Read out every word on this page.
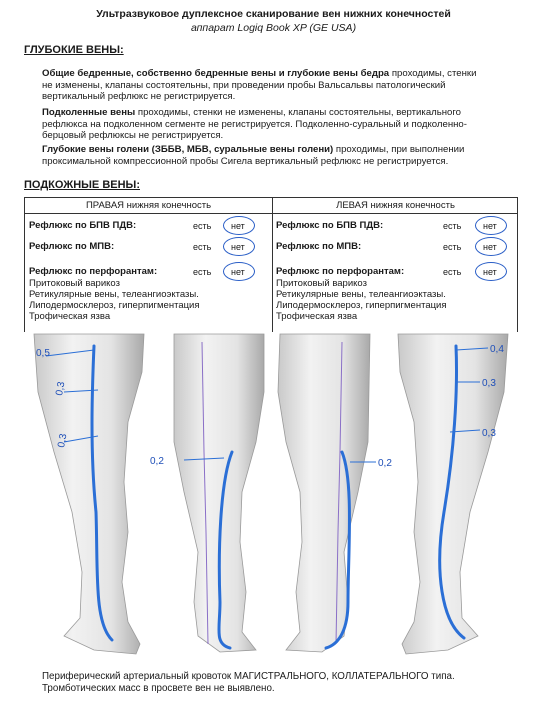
Ультразвуковое дуплексное сканирование вен нижних конечностей
аппарат Logiq Book XP (GE USA)
ГЛУБОКИЕ ВЕНЫ:
Общие бедренные, собственно бедренные вены и глубокие вены бедра проходимы, стенки
не изменены, клапаны состоятельны, при проведении пробы Вальсальвы патологический
вертикальный рефлюкс не регистрируется.
Подколенные вены проходимы, стенки не изменены, клапаны состоятельны, вертикального
рефлюкса на подколенном сегменте не регистрируется. Подколенно-суральный и подколенно-
берцовый рефлюксы не регистрируется.
Глубокие вены голени (ЗББВ, МБВ, суральные вены голени) проходимы, при выполнении
проксимальной компрессионной пробы Сигела вертикальный рефлюкс не регистрируется.
ПОДКОЖНЫЕ ВЕНЫ:
ПРАВАЯ нижняя конечность	ЛЕВАЯ нижняя конечность
Рефлюкс по БПВ ПДВ:	есть нет
Рефлюкс по МПВ:	есть нет
Рефлюкс по перфорантам:	есть нет
Притоковый варикоз
Ретикулярные вены, телеангиоэктазы.
Липодермосклероз, гиперпигментация
Трофическая язва
Рефлюкс по БПВ ПДВ:	есть нет
Рефлюкс по МПВ:	есть нет
Рефлюкс по перфорантам:	есть нет
Притоковый варикоз
Ретикулярные вены, телеангиоэктазы.
Липодермосклероз, гиперпигментация
Трофическая язва
0,5
0,3
0,3
0,2
0,4
0,3
0,3
0,2
Периферический артериальный кровоток МАГИСТРАЛЬНОГО, КОЛЛАТЕРАЛЬНОГО типа.
Тромботических масс в просвете вен не выявлено.
